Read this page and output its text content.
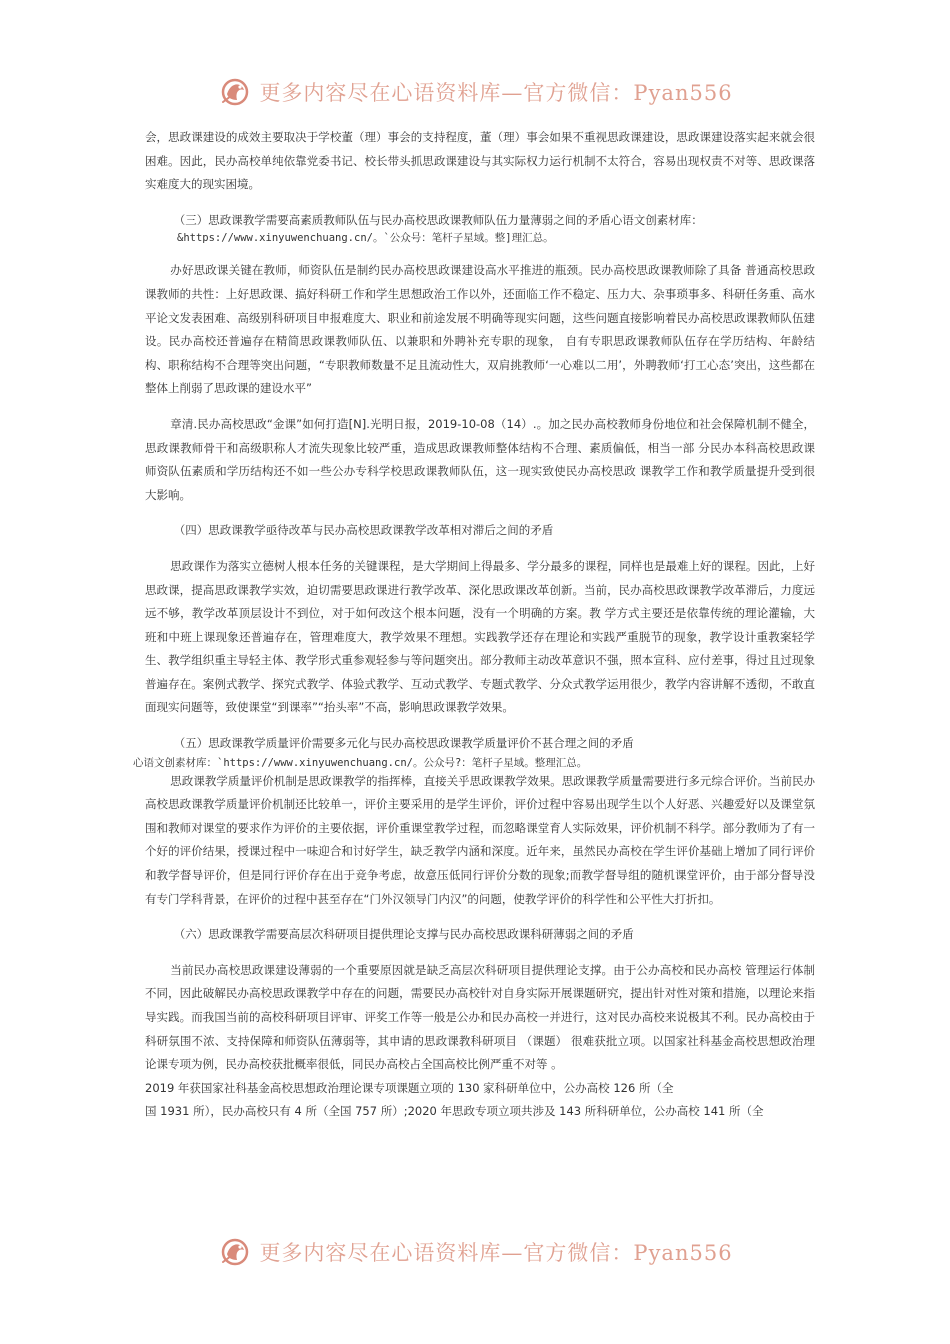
更多内容尽在心语资料库—官方微信：Pyan556

会，思政课建设的成效主要取决于学校董（理）事会的支持程度，董（理）事会如果不重视思政课建设，思政课建设落实起来就会很困难。因此，民办高校单纯依靠党委书记、校长带头抓思政课建设与其实际权力运行机制不太符合，容易出现权责不对等、思政课落实难度大的现实困境。

（三）思政课教学需要高素质教师队伍与民办高校思政课教师队伍力量薄弱之间的矛盾心语文创素材库：

&https://www.xinyuwenchuang.cn/。`公众号：笔杆子星域。整]理汇总。

办好思政课关键在教师，师资队伍是制约民办高校思政课建设高水平推进的瓶颈。民办高校思政课教师除了具备 普通高校思政课教师的共性：上好思政课、搞好科研工作和学生思想政治工作以外，还面临工作不稳定、压力大、杂事琐事多、科研任务重、高水平论文发表困难、高级别科研项目申报难度大、职业和前途发展不明确等现实问题，这些问题直接影响着民办高校思政课教师队伍建设。民办高校还普遍存在精简思政课教师队伍、以兼职和外聘补充专职的现象， 自有专职思政课教师队伍存在学历结构、年龄结构、职称结构不合理等突出问题，“专职教师数量不足且流动性大，双肩挑教师‘一心难以二用’，外聘教师‘打工心态’突出，这些都在整体上削弱了思政课的建设水平”

章清.民办高校思政“金课”如何打造[N].光明日报，2019-10-08（14）.。加之民办高校教师身份地位和社会保障机制不健全，思政课教师骨干和高级职称人才流失现象比较严重，造成思政课教师整体结构不合理、素质偏低，相当一部 分民办本科高校思政课师资队伍素质和学历结构还不如一些公办专科学校思政课教师队伍，这一现实致使民办高校思政 课教学工作和教学质量提升受到很大影响。

（四）思政课教学亟待改革与民办高校思政课教学改革相对滞后之间的矛盾

思政课作为落实立德树人根本任务的关键课程，是大学期间上得最多、学分最多的课程，同样也是最难上好的课程。因此，上好思政课，提高思政课教学实效，迫切需要思政课进行教学改革、深化思政课改革创新。当前，民办高校思政课教学改革滞后，力度远远不够，教学改革顶层设计不到位，对于如何改这个根本问题，没有一个明确的方案。教 学方式主要还是依靠传统的理论灌输，大班和中班上课现象还普遍存在，管理难度大，教学效果不理想。实践教学还存在理论和实践严重脱节的现象，教学设计重教案轻学生、教学组织重主导轻主体、教学形式重参观轻参与等问题突出。部分教师主动改革意识不强，照本宣科、应付差事，得过且过现象普遍存在。案例式教学、探究式教学、体验式教学、互动式教学、专题式教学、分众式教学运用很少，教学内容讲解不透彻，不敢直面现实问题等，致使课堂“到课率”“抬头率”不高，影响思政课教学效果。

（五）思政课教学质量评价需要多元化与民办高校思政课教学质量评价不甚合理之间的矛盾

心语文创素材库：`https://www.xinyuwenchuang.cn/。公众号?：笔杆子星域。整理汇总。

思政课教学质量评价机制是思政课教学的指挥棒，直接关乎思政课教学效果。思政课教学质量需要进行多元综合评价。当前民办高校思政课教学质量评价机制还比较单一，评价主要采用的是学生评价，评价过程中容易出现学生以个人好恶、兴趣爱好以及课堂氛围和教师对课堂的要求作为评价的主要依据，评价重课堂教学过程，而忽略课堂育人实际效果，评价机制不科学。部分教师为了有一个好的评价结果，授课过程中一味迎合和讨好学生，缺乏教学内涵和深度。近年来，虽然民办高校在学生评价基础上增加了同行评价和教学督导评价，但是同行评价存在出于竞争考虑，故意压低同行评价分数的现象;而教学督导组的随机课堂评价，由于部分督导没有专门学科背景，在评价的过程中甚至存在“门外汉领导门内汉”的问题，使教学评价的科学性和公平性大打折扣。

（六）思政课教学需要高层次科研项目提供理论支撑与民办高校思政课科研薄弱之间的矛盾

当前民办高校思政课建设薄弱的一个重要原因就是缺乏高层次科研项目提供理论支撑。由于公办高校和民办高校 管理运行体制不同，因此破解民办高校思政课教学中存在的问题，需要民办高校针对自身实际开展课题研究，提出针对性对策和措施，以理论来指导实践。而我国当前的高校科研项目评审、评奖工作等一般是公办和民办高校一并进行，这对民办高校来说极其不利。民办高校由于科研氛围不浓、支持保障和师资队伍薄弱等，其申请的思政课教科研项目 （课题） 很难获批立项。以国家社科基金高校思想政治理论课专项为例，民办高校获批概率很低，同民办高校占全国高校比例严重不对等 。

2019 年获国家社科基金高校思想政治理论课专项课题立项的 130 家科研单位中，公办高校 126 所（全

国 1931 所），民办高校只有 4 所（全国 757 所）;2020 年思政专项立项共涉及 143 所科研单位，公办高校 141 所（全

更多内容尽在心语资料库—官方微信：Pyan556
